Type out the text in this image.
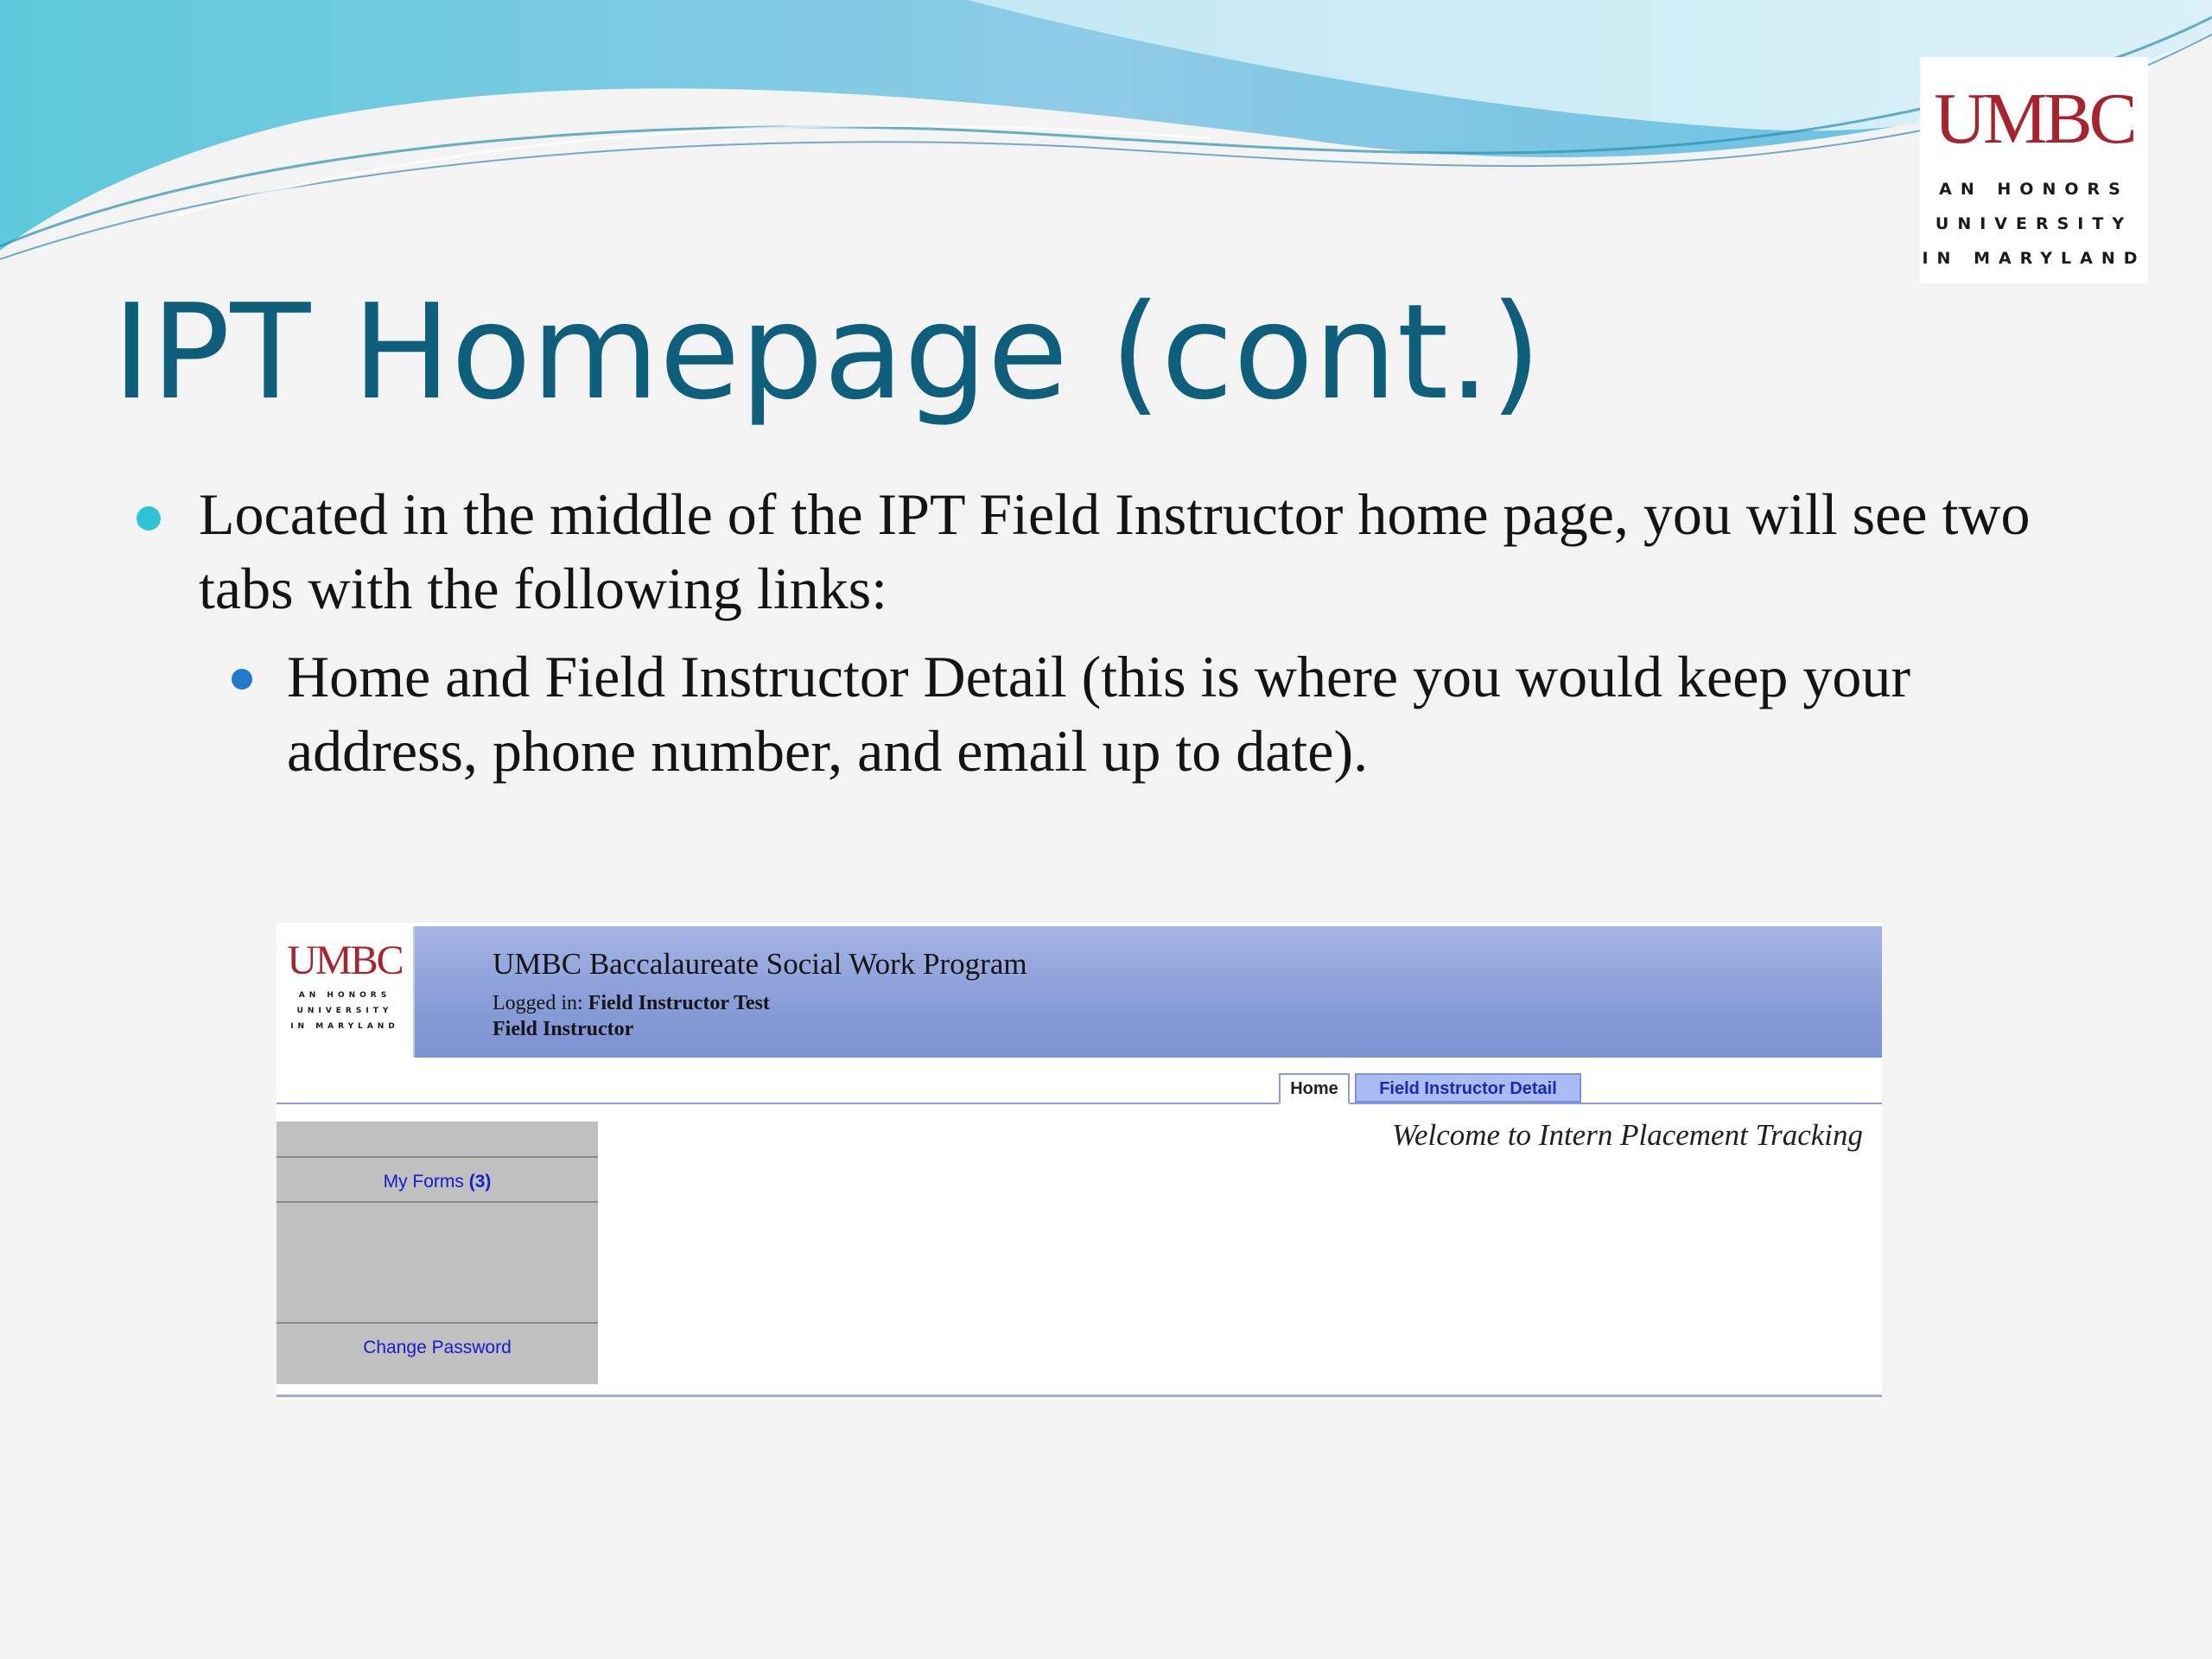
UMBC
AN HONORS
UNIVERSITY
IN MARYLAND
IPT Homepage (cont.)
Located in the middle of the IPT Field Instructor home page, you will see two tabs with the following links:
Home and Field Instructor Detail (this is where you would keep your address, phone number, and email up to date).
UMBC
AN HONORS
UNIVERSITY
IN MARYLAND
UMBC Baccalaureate Social Work Program
Logged in: Field Instructor Test
Field Instructor
Home	Field Instructor Detail
My Forms (3)
Change Password
Welcome to Intern Placement Tracking
